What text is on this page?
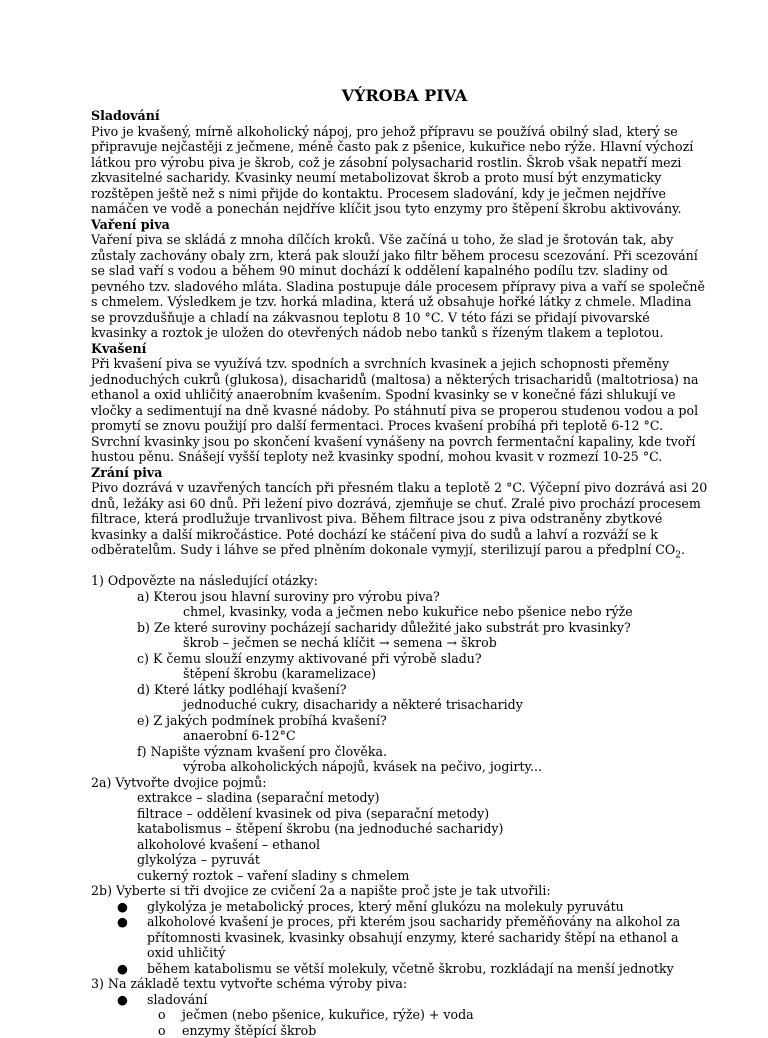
VÝROBA PIVA

Sladování

Pivo je kvašený, mírně alkoholický nápoj, pro jehož přípravu se používá obilný slad, který se připravuje nejčastěji z ječmene, méně často pak z pšenice, kukuřice nebo rýže. Hlavní výchozí látkou pro výrobu piva je škrob, což je zásobní polysacharid rostlin. Škrob však nepatří mezi zkvasitelné sacharidy. Kvasinky neumí metabolizovat škrob a proto musí být enzymaticky rozštěpen ještě než s nimi přijde do kontaktu. Procesem sladování, kdy je ječmen nejdříve namáčen ve vodě a ponechán nejdříve klíčit jsou tyto enzymy pro štěpení škrobu aktivovány.

Vaření piva

Vaření piva se skládá z mnoha dílčích kroků. Vše začíná u toho, že slad je šrotován tak, aby zůstaly zachovány obaly zrn, která pak slouží jako filtr během procesu scezování. Při scezování se slad vaří s vodou a během 90 minut dochází k oddělení kapalného podílu tzv. sladiny od pevného tzv. sladového mláta. Sladina postupuje dále procesem přípravy piva a vaří se společně s chmelem. Výsledkem je tzv. horká mladina, která už obsahuje hořké látky z chmele. Mladina se provzdušňuje a chladí na zákvasnou teplotu 8 10 °C. V této fázi se přidají pivovarské kvasinky a roztok je uložen do otevřených nádob nebo tanků s řízeným tlakem a teplotou.

Kvašení

Při kvašení piva se využívá tzv. spodních a svrchních kvasinek a jejich schopnosti přeměny jednoduchých cukrů (glukosa), disacharidů (maltosa) a některých trisacharidů (maltotriosa) na ethanol a oxid uhličitý anaerobním kvašením. Spodní kvasinky se v konečné fázi shlukují ve vločky a sedimentují na dně kvasné nádoby. Po stáhnutí piva se properou studenou vodou a pol promytí se znovu použijí pro další fermentaci. Proces kvašení probíhá při teplotě 6-12 °C. Svrchní kvasinky jsou po skončení kvašení vynášeny na povrch fermentační kapaliny, kde tvoří hustou pěnu. Snášejí vyšší teploty než kvasinky spodní, mohou kvasit v rozmezí 10-25 °C.

Zrání piva

Pivo dozrává v uzavřených tancích při přesném tlaku a teplotě 2 °C. Výčepní pivo dozrává asi 20 dnů, ležáky asi 60 dnů. Při ležení pivo dozrává, zjemňuje se chuť. Zralé pivo prochází procesem filtrace, která prodlužuje trvanlivost piva. Během filtrace jsou z piva odstraněny zbytkové kvasinky a další mikročástice. Poté dochází ke stáčení piva do sudů a lahví a rozváží se k odběratelům. Sudy i láhve se před plněním dokonale vymyjí, sterilizují parou a předplní $CO_2$.

1) Odpovězte na následující otázky:

a) Kterou jsou hlavní suroviny pro výrobu piva?

chmel, kvasinky, voda a ječmen nebo kukuřice nebo pšenice nebo rýže

b) Ze které suroviny pocházejí sacharidy důležité jako substrát pro kvasinky?

škrob – ječmen se nechá klíčit → semena → škrob

c) K čemu slouží enzymy aktivované při výrobě sladu?

štěpení škrobu (karamelizace)

d) Které látky podléhají kvašení?

jednoduché cukry, disacharidy a některé trisacharidy

e) Z jakých podmínek probíhá kvašení?

anaerobní 6-12°C

f) Napište význam kvašení pro člověka.

výroba alkoholických nápojů, kvásek na pečivo, jogirty...

2a) Vytvořte dvojice pojmů:

extrakce – sladina (separační metody)

filtrace – oddělení kvasinek od piva (separační metody)

katabolismus – štěpení škrobu (na jednoduché sacharidy)

alkoholové kvašení – ethanol

glykolýza – pyruvát

cukerný roztok – vaření sladiny s chmelem

2b) Vyberte si tři dvojice ze cvičení 2a a napište proč jste je tak utvořili:

● glykolýza je metabolický proces, který mění glukózu na molekuly pyruvátu
● alkoholové kvašení je proces, při kterém jsou sacharidy přeměňovány na alkohol za přítomnosti kvasinek, kvasinky obsahují enzymy, které sacharidy štěpí na ethanol a oxid uhličitý
● během katabolismu se větší molekuly, včetně škrobu, rozkládají na menší jednotky

3) Na základě textu vytvořte schéma výroby piva:

● sladování
o ječmen (nebo pšenice, kukuřice, rýže) + voda
o enzymy štěpící škrob
